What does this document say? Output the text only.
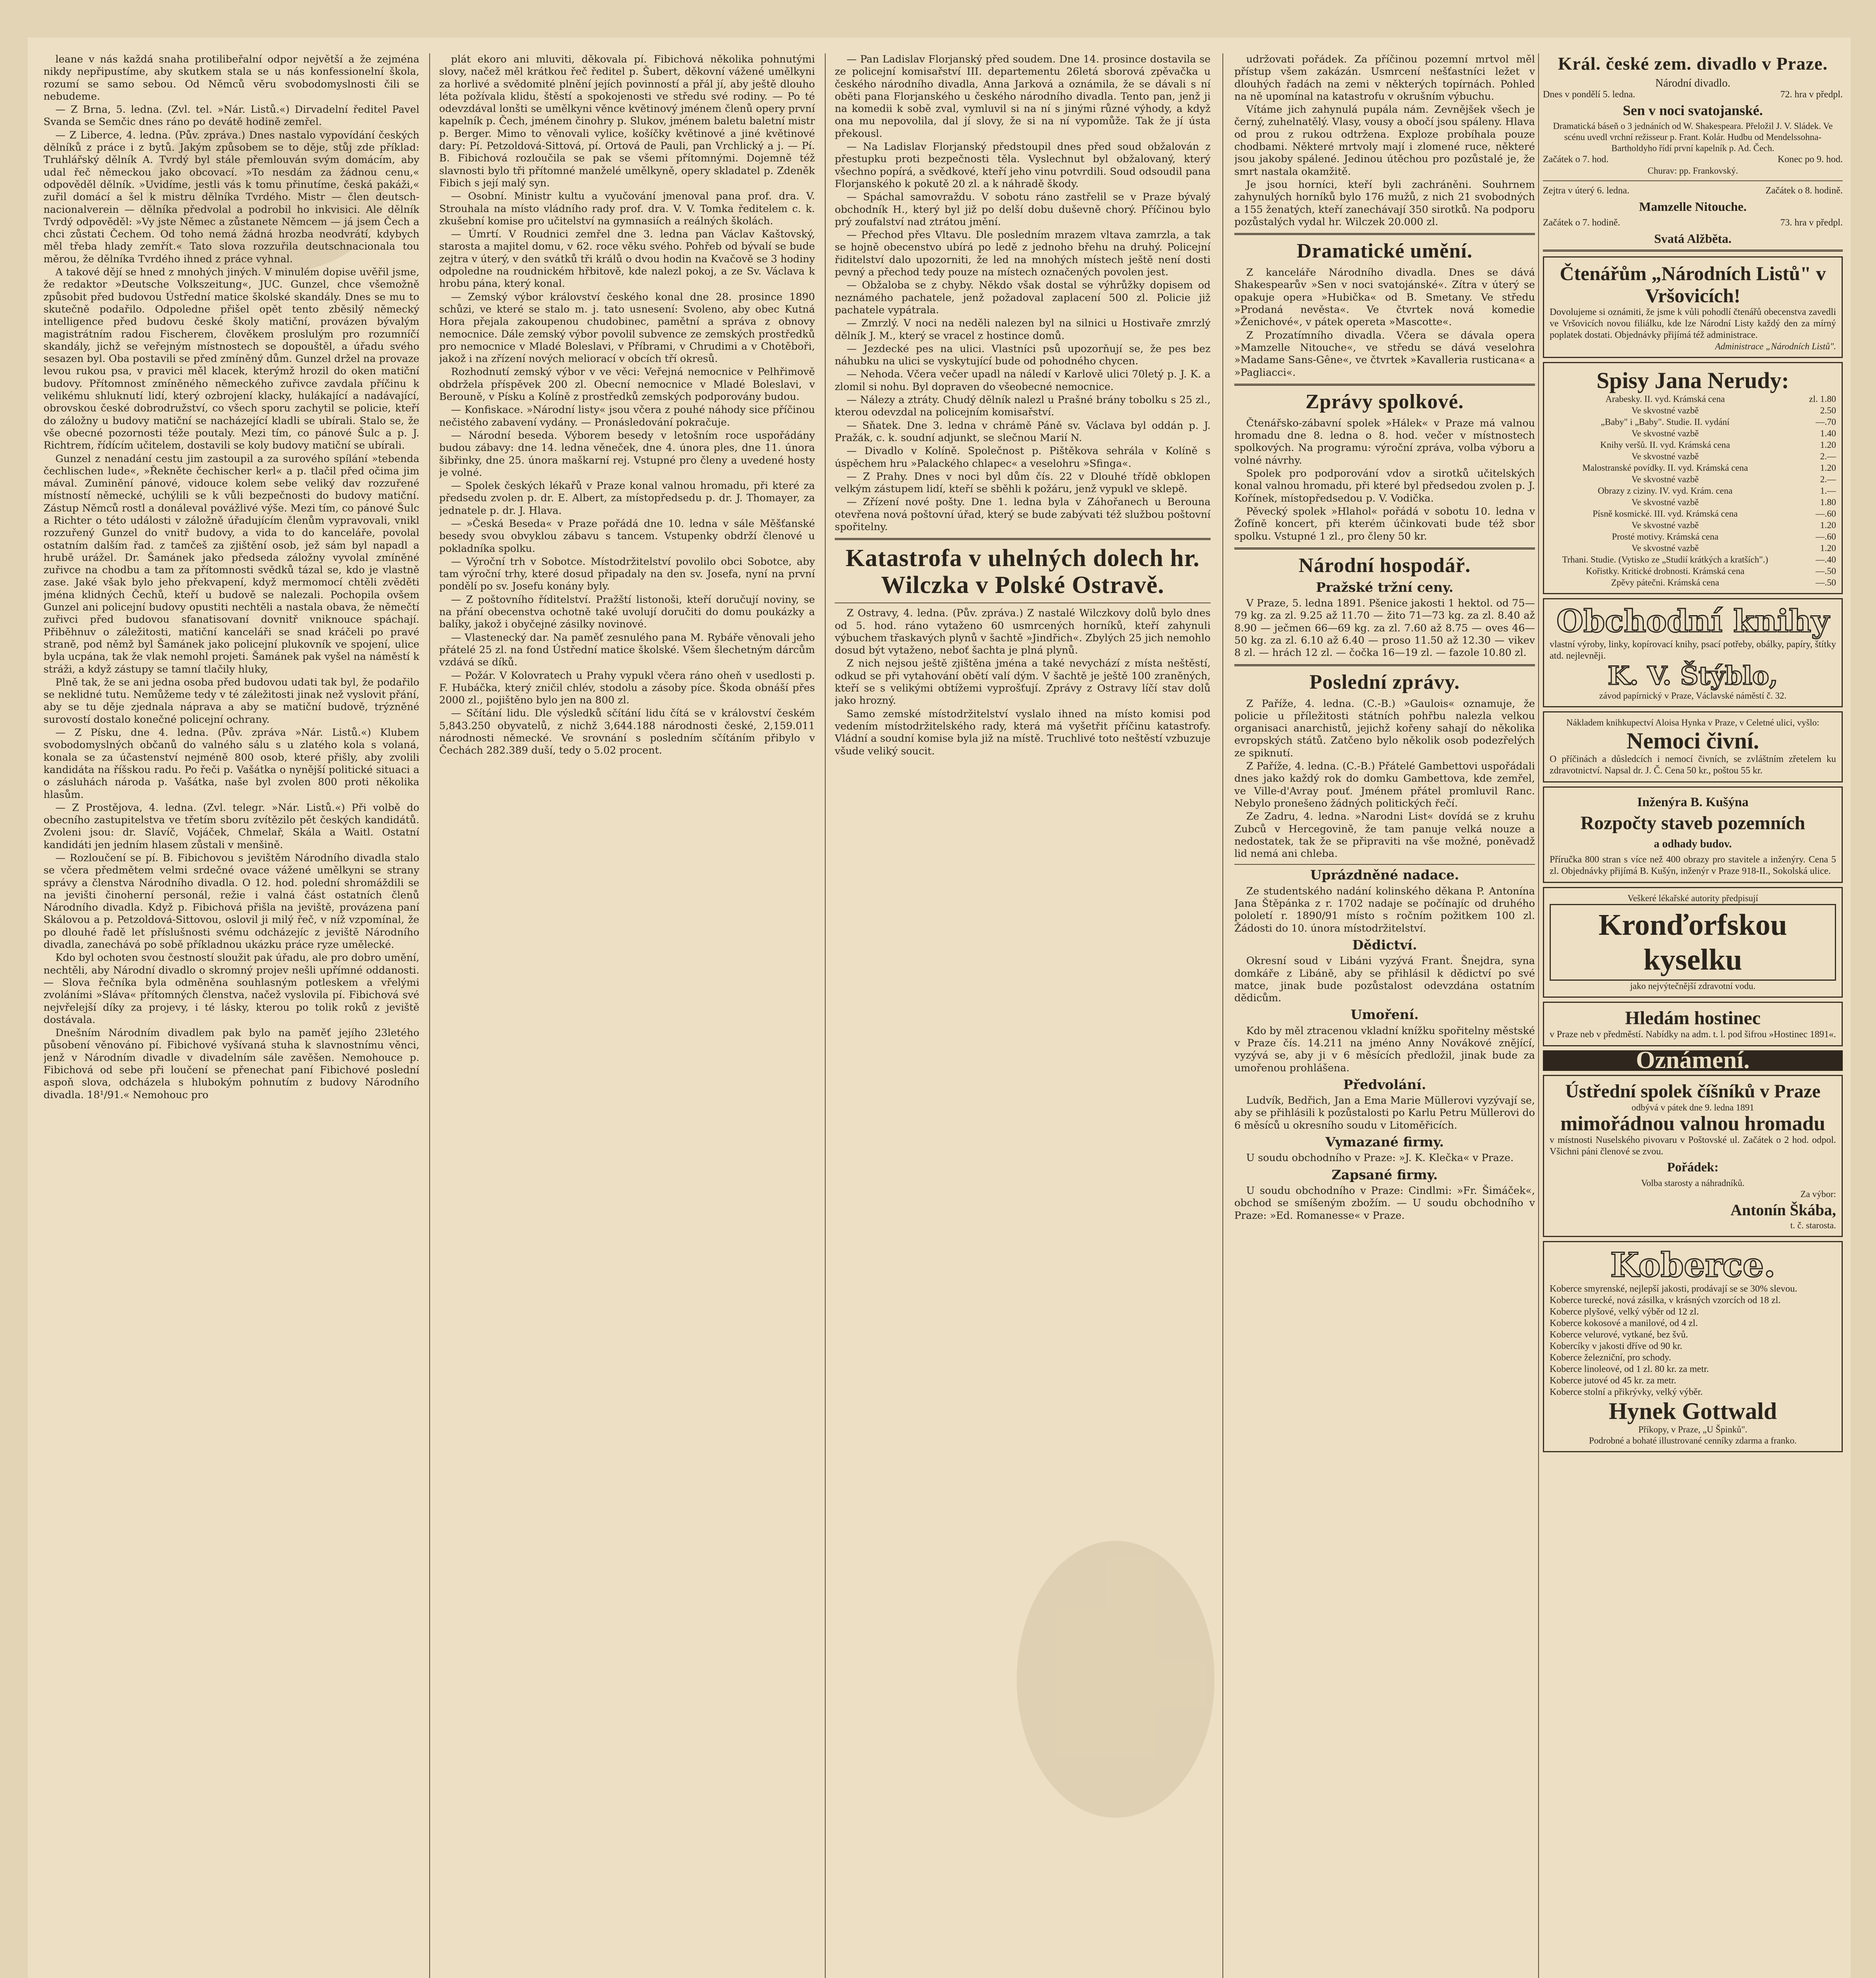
leane v nás každá snaha protilibeřalní odpor největší a že zejména nikdy nepřipustíme, aby skutkem stala se u nás konfessionelní škola, rozumí se samo sebou. Od Němců věru svobodomyslnosti čili se nebudeme.

— Z Brna, 5. ledna. (Zvl. tel. »Nár. Listů.«) Dirvadelní ředitel Pavel Svanda se Semčic dnes ráno po devátě hodině zemřel.

— Z Liberce, 4. ledna. (Pův. zpráva.) Dnes nastalo vypovídání českých dělníků z práce i z bytů. Jakým způsobem se to děje, stůj zde příklad: Truhlářský dělník A. Tvrdý byl stále přemlouván svým domácím, aby udal řeč německou jako obcovací. »To nesdám za žádnou cenu,« odpověděl dělník. »Uvidíme, jestli vás k tomu přinutíme, česká pakáži,« zuřil domácí a šel k mistru dělníka Tvrdého. Mistr — člen deutsch-nacionalverein — dělníka předvolal a podrobil ho inkvisici. Ale dělník Tvrdý odpověděl: »Vy jste Němec a zůstanete Němcem — já jsem Čech a chci zůstati Čechem. Od toho nemá žádná hrozba neodvrátí, kdybych měl třeba hlady zemřít.« Tato slova rozzuřila deutschnacionala tou měrou, že dělníka Tvrdého ihned z práce vyhnal.

A takové dějí se hned z mnohých jiných. V minulém dopise uvěřil jsme, že redaktor »Deutsche Volkszeitung«, JUC. Gunzel, chce všemožně způsobit před budovou Ústřední matice školské skandály. Dnes se mu to skutečně podařilo. Odpoledne přišel opět tento zběsilý německý intelligence před budovu české školy matiční, provázen bývalým magistrátním radou Fischerem, člověkem proslulým pro rozumníčí skandály, jichž se veřejným místnostech se dopouštěl, a úřadu svého sesazen byl. Oba postavili se před zmíněný dům. Gunzel držel na provaze levou rukou psa, v pravici měl klacek, kterýmž hrozil do oken matiční budovy. Přítomnost zmíněného německého zuřivce zavdala příčinu k velikému shluknutí lidí, který ozbrojení klacky, hulákající a nadávající, obrovskou české dobrodružství, co všech sporu zachytil se policie, kteří do záložny u budovy matiční se nacházející kladli se ubírali. Stalo se, že vše obecné pozornosti téže poutaly. Mezi tím, co pánové Šulc a p. J. Richtrem, řídícím učitelem, dostavili se koly budovy matiční se ubírali.

Gunzel z nenadání cestu jim zastoupil a za surového spílání »tebenda čechlischen lude«, »Řekněte čechischer kerl« a p. tlačil před očima jim mával. Zuminění pánové, vidouce kolem sebe veliký dav rozzuřené místností německé, uchýlili se k vůli bezpečnosti do budovy matiční. Zástup Němců rostl a donáleval povážlivé výše. Mezi tím, co pánové Šulc a Richter o této události v záložně úřadujícím členům vypravovali, vnikl rozzuřený Gunzel do vnitř budovy, a vida to do kanceláře, povolal ostatním dalším řad. z tamčeš za zjištění osob, jež sám byl napadl a hrubě urážel. Dr. Šamánek jako předseda záložny vyvolal zmíněné zuřivce na chodbu a tam za přítomnosti svědků tázal se, kdo je vlastně zase. Jaké však bylo jeho překvapení, když mermomocí chtěli zvěděti jména klidných Čechů, kteří u budově se nalezali. Pochopila ovšem Gunzel ani policejní budovy opustiti nechtěli a nastala obava, že němečtí zuřivci před budovou sfanatisovaní dovnitř vniknouce spáchají. Přiběhnuv o záležitosti, matiční kanceláři se snad kráčeli po pravé straně, pod němž byl Šamánek jako policejní plukovník ve spojení, ulice byla ucpána, tak že vlak nemohl projeti. Šamánek pak vyšel na náměstí k stráži, a když zástupy se tamní tlačily hluky,

Plně tak, že se ani jedna osoba před budovou udati tak byl, že podařilo se neklidné tutu. Nemůžeme tedy v té záležitosti jinak než vyslovit přání, aby se tu děje zjednala náprava a aby se matiční budově, trýzněné surovostí dostalo konečné policejní ochrany.

— Z Písku, dne 4. ledna. (Pův. zpráva »Nár. Listů.«) Klubem svobodomyslných občanů do valného sálu s u zlatého kola s volaná, konala se za účastenství nejméně 800 osob, které přišly, aby zvolili kandidáta na říšskou radu. Po řeči p. Vašátka o nynější politické situaci a o zásluhách národa p. Vašátka, naše byl zvolen 800 proti několika hlasům.

— Z Prostějova, 4. ledna. (Zvl. telegr. »Nár. Listů.«) Při volbě do obecního zastupitelstva ve třetím sboru zvítězilo pět českých kandidátů. Zvoleni jsou: dr. Slavíč, Vojáček, Chmelař, Skála a Waitl. Ostatní kandidáti jen jedním hlasem zůstali v menšině.

— Rozloučení se pí. B. Fibichovou s jevištěm Národního divadla stalo se včera předmětem velmi srdečné ovace vážené umělkyni se strany správy a členstva Národního divadla. O 12. hod. polední shromáždili se na jevišti činoherní personál, režie i valná část ostatních členů Národního divadla. Když p. Fibichová přišla na jeviště, provázena paní Skálovou a p. Petzoldová-Sittovou, oslovil ji milý řeč, v níž vzpomínal, že po dlouhé řadě let příslušnosti svému odcházejíc z jeviště Národního divadla, zanechává po sobě příkladnou ukázku práce ryze umělecké.

Kdo byl ochoten svou čestností sloužit pak úřadu, ale pro dobro umění, nechtěli, aby Národní divadlo o skromný projev nešli upřímné oddanosti. — Slova řečníka byla odměněna souhlasným potleskem a vřelými zvoláními »Sláva« přítomných členstva, načež vyslovila pí. Fibichová své nejvřelejší díky za projevy, i té lásky, kterou po tolik roků z jeviště dostávala.

Dnešním Národním divadlem pak bylo na paměť jejího 23letého působení věnováno pí. Fibichové vyšívaná stuha k slavnostnímu věnci, jenž v Národním divadle v divadelním sále zavěšen. Nemohouce p. Fibichová od sebe při loučení se přenechat paní Fibichové poslední aspoň slova, odcházela s hlubokým pohnutím z budovy Národního divadla. 18¹/91.« Nemohouc pro

plát ekoro ani mluviti, děkovala pí. Fibichová několika pohnutými slovy, načež měl krátkou řeč ředitel p. Šubert, děkovní vážené umělkyni za horlivé a svědomité plnění jejích povinností a přál jí, aby ještě dlouho léta požívala klidu, štěstí a spokojenosti ve středu své rodiny. — Po té odevzdával lonšti se umělkyni věnce květinový jménem členů opery první kapelník p. Čech, jménem činohry p. Slukov, jménem baletu baletní mistr p. Berger. Mimo to věnovali vylice, košíčky květinové a jiné květinové dary: Pí. Petzoldová-Sittová, pí. Ortová de Pauli, pan Vrchlický a j. — Pí. B. Fibichová rozloučila se pak se všemi přítomnými. Dojemně též slavnosti bylo tři přítomné manželé umělkyně, opery skladatel p. Zdeněk Fibich s její malý syn.

— Osobní. Ministr kultu a vyučování jmenoval pana prof. dra. V. Strouhala na místo vládního rady prof. dra. V. V. Tomka ředitelem c. k. zkušební komise pro učitelství na gymnasiích a reálných školách.

— Úmrtí. V Roudnici zemřel dne 3. ledna pan Václav Kaštovský, starosta a majitel domu, v 62. roce věku svého. Pohřeb od bývalí se bude zejtra v úterý, v den svátků tři králů o dvou hodin na Kvačově se 3 hodiny odpoledne na roudnickém hřbitově, kde nalezl pokoj, a ze Sv. Václava k hrobu pána, který konal.

— Zemský výbor království českého konal dne 28. prosince 1890 schůzi, ve které se stalo m. j. tato usnesení: Svoleno, aby obec Kutná Hora přejala zakoupenou chudobinec, pamětní a správa z obnovy nemocnice. Dále zemský výbor povolil subvence ze zemských prostředků pro nemocnice v Mladé Boleslavi, v Příbrami, v Chrudimi a v Chotěboři, jakož i na zřízení nových meliorací v obcích tří okresů.

Rozhodnutí zemský výbor v ve věci: Veřejná nemocnice v Pelhřimově obdržela příspěvek 200 zl. Obecní nemocnice v Mladé Boleslavi, v Berouně, v Písku a Kolíně z prostředků zemských podporovány budou.

— Konfiskace. »Národní listy« jsou včera z pouhé náhody sice příčinou nečistého zabavení vydány. — Pronásledování pokračuje.

— Národní beseda. Výborem besedy v letošním roce uspořádány budou zábavy: dne 14. ledna věneček, dne 4. února ples, dne 11. února šibřinky, dne 25. února maškarní rej. Vstupné pro členy a uvedené hosty je volné.

— Spolek českých lékařů v Praze konal valnou hromadu, při které za předsedu zvolen p. dr. E. Albert, za místopředsedu p. dr. J. Thomayer, za jednatele p. dr. J. Hlava.

— »Česká Beseda« v Praze pořádá dne 10. ledna v sále Měšťanské besedy svou obvyklou zábavu s tancem. Vstupenky obdrží členové u pokladníka spolku.

— Výroční trh v Sobotce. Místodržitelství povolilo obci Sobotce, aby tam výroční trhy, které dosud připadaly na den sv. Josefa, nyní na první pondělí po sv. Josefu konány byly.

— Z poštovního říditelství. Pražští listonoši, kteří doručují noviny, se na přání obecenstva ochotně také uvolují doručiti do domu poukázky a balíky, jakož i obyčejné zásilky novinové.

— Vlastenecký dar. Na paměť zesnulého pana M. Rybáře věnovali jeho přátelé 25 zl. na fond Ústřední matice školské. Všem šlechetným dárcům vzdává se díků.

— Požár. V Kolovratech u Prahy vypukl včera ráno oheň v usedlosti p. F. Hubáčka, který zničil chlév, stodolu a zásoby píce. Škoda obnáší přes 2000 zl., pojištěno bylo jen na 800 zl.

— Sčítání lidu. Dle výsledků sčítání lidu čítá se v království českém 5,843.250 obyvatelů, z nichž 3,644.188 národnosti české, 2,159.011 národnosti německé. Ve srovnání s posledním sčítáním přibylo v Čechách 282.389 duší, tedy o 5.02 procent.

— Pan Ladislav Florjanský před soudem. Dne 14. prosince dostavila se ze policejní komisařství III. departementu 26letá sborová zpěvačka u českého národního divadla, Anna Jarková a oznámila, že se dávali s ní oběti pana Florjanského u českého národního divadla. Tento pan, jenž ji na komedii k sobě zval, vymluvil si na ní s jinými různé výhody, a když ona mu nepovolila, dal jí slovy, že si na ní vypomůže. Tak že jí ústa překousl.

— Na Ladislav Florjanský předstoupil dnes před soud obžalován z přestupku proti bezpečnosti těla. Vyslechnut byl obžalovaný, který všechno popírá, a svědkové, kteří jeho vinu potvrdili. Soud odsoudil pana Florjanského k pokutě 20 zl. a k náhradě škody.

— Spáchal samovraždu. V sobotu ráno zastřelil se v Praze bývalý obchodník H., který byl již po delší dobu duševně chorý. Příčinou bylo prý zoufalství nad ztrátou jmění.

— Přechod přes Vltavu. Dle posledním mrazem vltava zamrzla, a tak se hojně obecenstvo ubírá po ledě z jednoho břehu na druhý. Policejní řiditelství dalo upozorniti, že led na mnohých místech ještě není dosti pevný a přechod tedy pouze na místech označených povolen jest.

— Obžaloba se z chyby. Někdo však dostal se výhrůžky dopisem od neznámého pachatele, jenž požadoval zaplacení 500 zl. Policie již pachatele vypátrala.

— Zmrzlý. V noci na neděli nalezen byl na silnici u Hostivaře zmrzlý dělník J. M., který se vracel z hostince domů.

— Jezdecké pes na ulici. Vlastníci psů upozorňují se, že pes bez náhubku na ulici se vyskytující bude od pohodného chycen.

— Nehoda. Včera večer upadl na náledí v Karlově ulici 70letý p. J. K. a zlomil si nohu. Byl dopraven do všeobecné nemocnice.

— Nálezy a ztráty. Chudý dělník nalezl u Prašné brány tobolku s 25 zl., kterou odevzdal na policejním komisařství.

— Sňatek. Dne 3. ledna v chrámě Páně sv. Václava byl oddán p. J. Pražák, c. k. soudní adjunkt, se slečnou Marií N.

— Divadlo v Kolíně. Společnost p. Pištěkova sehrála v Kolíně s úspěchem hru »Palackého chlapec« a veselohru »Sfinga«.

— Z Prahy. Dnes v noci byl dům čís. 22 v Dlouhé třídě obklopen velkým zástupem lidí, kteří se sběhli k požáru, jenž vypukl ve sklepě.

— Zřízení nové pošty. Dne 1. ledna byla v Záhořanech u Berouna otevřena nová poštovní úřad, který se bude zabývati též službou poštovní spořitelny.

Katastrofa v uhelných dolech hr. Wilczka v Polské Ostravě.

Z Ostravy, 4. ledna. (Pův. zpráva.) Z nastalé Wilczkovy dolů bylo dnes od 5. hod. ráno vytaženo 60 usmrcených horníků, kteří zahynuli výbuchem třaskavých plynů v šachtě »Jindřich«. Zbylých 25 jich nemohlo dosud být vytaženo, neboť šachta je plná plynů.

Z nich nejsou ještě zjištěna jména a také nevychází z místa neštěstí, odkud se při vytahování obětí valí dým. V šachtě je ještě 100 zraněných, kteří se s velikými obtížemi vyprošťují. Zprávy z Ostravy líčí stav dolů jako hrozný.

Samo zemské místodržitelství vyslalo ihned na místo komisi pod vedením místodržitelského rady, která má vyšetřit příčinu katastrofy. Vládní a soudní komise byla již na místě. Truchlivé toto neštěstí vzbuzuje všude veliký soucit.

udržovati pořádek. Za příčinou pozemní mrtvol měl přístup všem zakázán. Usmrcení nešťastníci ležet v dlouhých řadách na zemi v některých topírnách. Pohled na ně upomínal na katastrofu v okrušním výbuchu.

Vítáme jich zahynulá pupála nám. Zevnějšek všech je černý, zuhelnatělý. Vlasy, vousy a obočí jsou spáleny. Hlava od prou z rukou odtržena. Exploze probíhala pouze chodbami. Některé mrtvoly mají i zlomené ruce, některé jsou jakoby spálené. Jedinou útěchou pro pozůstalé je, že smrt nastala okamžitě.

Je jsou horníci, kteří byli zachráněni. Souhrnem zahynulých horníků bylo 176 mužů, z nich 21 svobodných a 155 ženatých, kteří zanechávají 350 sirotků. Na podporu pozůstalých vydal hr. Wilczek 20.000 zl.

Dramatické umění.

Z kanceláře Národního divadla. Dnes se dává Shakespearův »Sen v noci svatojánské«. Zítra v úterý se opakuje opera »Hubička« od B. Smetany. Ve středu »Prodaná nevěsta«. Ve čtvrtek nová komedie »Ženichové«, v pátek opereta »Mascotte«.

Z Prozatímního divadla. Včera se dávala opera »Mamzelle Nitouche«, ve středu se dává veselohra »Madame Sans-Gêne«, ve čtvrtek »Kavalleria rusticana« a »Pagliacci«.

Zprávy spolkové.

Čtenářsko-zábavní spolek »Hálek« v Praze má valnou hromadu dne 8. ledna o 8. hod. večer v místnostech spolkových. Na programu: výroční zpráva, volba výboru a volné návrhy.

Spolek pro podporování vdov a sirotků učitelských konal valnou hromadu, při které byl předsedou zvolen p. J. Kořínek, místopředsedou p. V. Vodička.

Pěvecký spolek »Hlahol« pořádá v sobotu 10. ledna v Žofíně koncert, při kterém účinkovati bude též sbor spolku. Vstupné 1 zl., pro členy 50 kr.

Národní hospodář.
Pražské tržní ceny.

V Praze, 5. ledna 1891. Pšenice jakosti 1 hektol. od 75—79 kg. za zl. 9.25 až 11.70 — žito 71—73 kg. za zl. 8.40 až 8.90 — ječmen 66—69 kg. za zl. 7.60 až 8.75 — oves 46—50 kg. za zl. 6.10 až 6.40 — proso 11.50 až 12.30 — vikev 8 zl. — hrách 12 zl. — čočka 16—19 zl. — fazole 10.80 zl.

Poslední zprávy.

Z Paříže, 4. ledna. (C.-B.) »Gaulois« oznamuje, že policie u příležitosti státních pohřbu nalezla velkou organisaci anarchistů, jejichž kořeny sahají do několika evropských států. Zatčeno bylo několik osob podezřelých ze spiknutí.

Z Paříže, 4. ledna. (C.-B.) Přátelé Gambettovi uspořádali dnes jako každý rok do domku Gambettova, kde zemřel, ve Ville-d'Avray pouť. Jménem přátel promluvil Ranc. Nebylo pronešeno žádných politických řečí.

Ze Zadru, 4. ledna. »Narodni List« dovídá se z kruhu Zubců v Hercegovině, že tam panuje velká nouze a nedostatek, tak že se připraviti na vše možné, poněvadž lid nemá ani chleba.

Uprázdněné nadace.

Ze studentského nadání kolinského děkana P. Antonína Jana Štěpánka z r. 1702 nadaje se počínajíc od druhého pololetí r. 1890/91 místo s ročním požitkem 100 zl. Žádosti do 10. února místodržitelství.

Dědictví.

Okresní soud v Libáni vyzývá Frant. Šnejdra, syna domkáře z Libáně, aby se přihlásil k dědictví po své matce, jinak bude pozůstalost odevzdána ostatním dědicům.

Umoření.

Kdo by měl ztracenou vkladní knížku spořitelny městské v Praze čís. 14.211 na jméno Anny Novákové znějící, vyzývá se, aby ji v 6 měsících předložil, jinak bude za umořenou prohlášena.

Předvolání.

Ludvík, Bedřich, Jan a Ema Marie Müllerovi vyzývají se, aby se přihlásili k pozůstalosti po Karlu Petru Müllerovi do 6 měsíců u okresního soudu v Litoměřicích.

Vymazané firmy.

U soudu obchodního v Praze: »J. K. Klečka« v Praze.

Zapsané firmy.

U soudu obchodního v Praze: Cindlmi: »Fr. Šimáček«, obchod se smíšeným zbožím. — U soudu obchodního v Praze: »Ed. Romanesse« v Praze.

Král. české zem. divadlo v Praze.
Národní divadlo.
Dnes v pondělí 5. ledna.	72. hra v předpl.
Sen v noci svatojanské.
Dramatická báseň o 3 jednáních od W. Shakespeara. Přeložil J. V. Sládek. Ve scénu uvedl vrchní režisseur p. Frant. Kolár. Hudbu od Mendelssohna-Bartholdyho řídí první kapelník p. Ad. Čech.
Začátek o 7. hod.	Konec po 9. hod.
Churav: pp. Frankovský.
Zejtra v úterý 6. ledna.	Začátek o 8. hodině.
Mamzelle Nitouche.
Začátek o 7. hodině.	73. hra v předpl.
Svatá Alžběta.
Čtenářům „Národních Listů" v Vršovicích!
Dovolujeme si oznámiti, že jsme k vůli pohodlí čtenářů obecenstva zavedli ve Vršovicích novou filiálku, kde lze Národní Listy každý den za mírný poplatek dostati. Objednávky přijímá též administrace.
Administrace „Národních Listů".
Spisy Jana Nerudy:
Arabesky. II. vyd. Krámská cena	zl. 1.80
Ve skvostné vazbě	2.50
„Baby" i „Baby". Studie. II. vydání	—.70
Ve skvostné vazbě	1.40
Knihy veršů. II. vyd. Krámská cena	1.20
Ve skvostné vazbě	2.—
Malostranské povídky. II. vyd. Krámská cena	1.20
Ve skvostné vazbě	2.—
Obrazy z ciziny. IV. vyd. Krám. cena	1.—
Ve skvostné vazbě	1.80
Písně kosmické. III. vyd. Krámská cena	—.60
Ve skvostné vazbě	1.20
Prosté motivy. Krámská cena	—.60
Ve skvostné vazbě	1.20
Trhani. Studie. (Vytisko ze „Studií krátkých a kratších".)	—.40
Kořistky. Kritické drobnosti. Krámská cena	—.50
Zpěvy pátečni. Krámská cena	—.50
Obchodní knihy
vlastní výroby, linky, kopírovací knihy, psací potřeby, obálky, papíry, štítky atd. nejlevněji.
K. V. Štýblo,
závod papírnický v Praze, Václavské náměstí č. 32.
Nákladem knihkupectví Aloisa Hynka v Praze, v Celetné ulici, vyšlo:
Nemoci čivní.
O příčinách a důsledcích i nemocí čivních, se zvláštním zřetelem ku zdravotnictví. Napsal dr. J. Č. Cena 50 kr., poštou 55 kr.
Inženýra B. Kušýna
Rozpočty staveb pozemních
a odhady budov.
Příručka 800 stran s více než 400 obrazy pro stavitele a inženýry. Cena 5 zl. Objednávky přijímá B. Kušýn, inženýr v Praze 918-II., Sokolská ulice.
Veškeré lékařské autority předpisují
Kronďorfskou kyselku
jako nejvýtečnější zdravotní vodu.
Hledám hostinec
v Praze neb v předměstí. Nabídky na adm. t. l. pod šifrou »Hostinec 1891«.
Oznámení.
Ústřední spolek číšníků v Praze
odbývá v pátek dne 9. ledna 1891
mimořádnou valnou hromadu
v místnosti Nuselského pivovaru v Poštovské ul. Začátek o 2 hod. odpol. Všichni páni členové se zvou.
Pořádek:
Volba starosty a náhradníků.
Za výbor:
Antonín Škába,
t. č. starosta.
Koberce.
Koberce smyrenské, nejlepší jakosti, prodávají se se 30% slevou.
Koberce turecké, nová zásilka, v krásných vzorcích od 18 zl.
Koberce plyšové, velký výběr od 12 zl.
Koberce kokosové a manilové, od 4 zl.
Koberce velurové, vytkané, bez švů.
Kobercíky v jakosti dříve od 90 kr.
Koberce železniční, pro schody.
Koberce linoleové, od 1 zl. 80 kr. za metr.
Koberce jutové od 45 kr. za metr.
Koberce stolní a přikrývky, velký výběr.
Hynek Gottwald
Příkopy, v Praze, „U Špinků".
Podrobné a bohaté illustrované cenníky zdarma a franko.
